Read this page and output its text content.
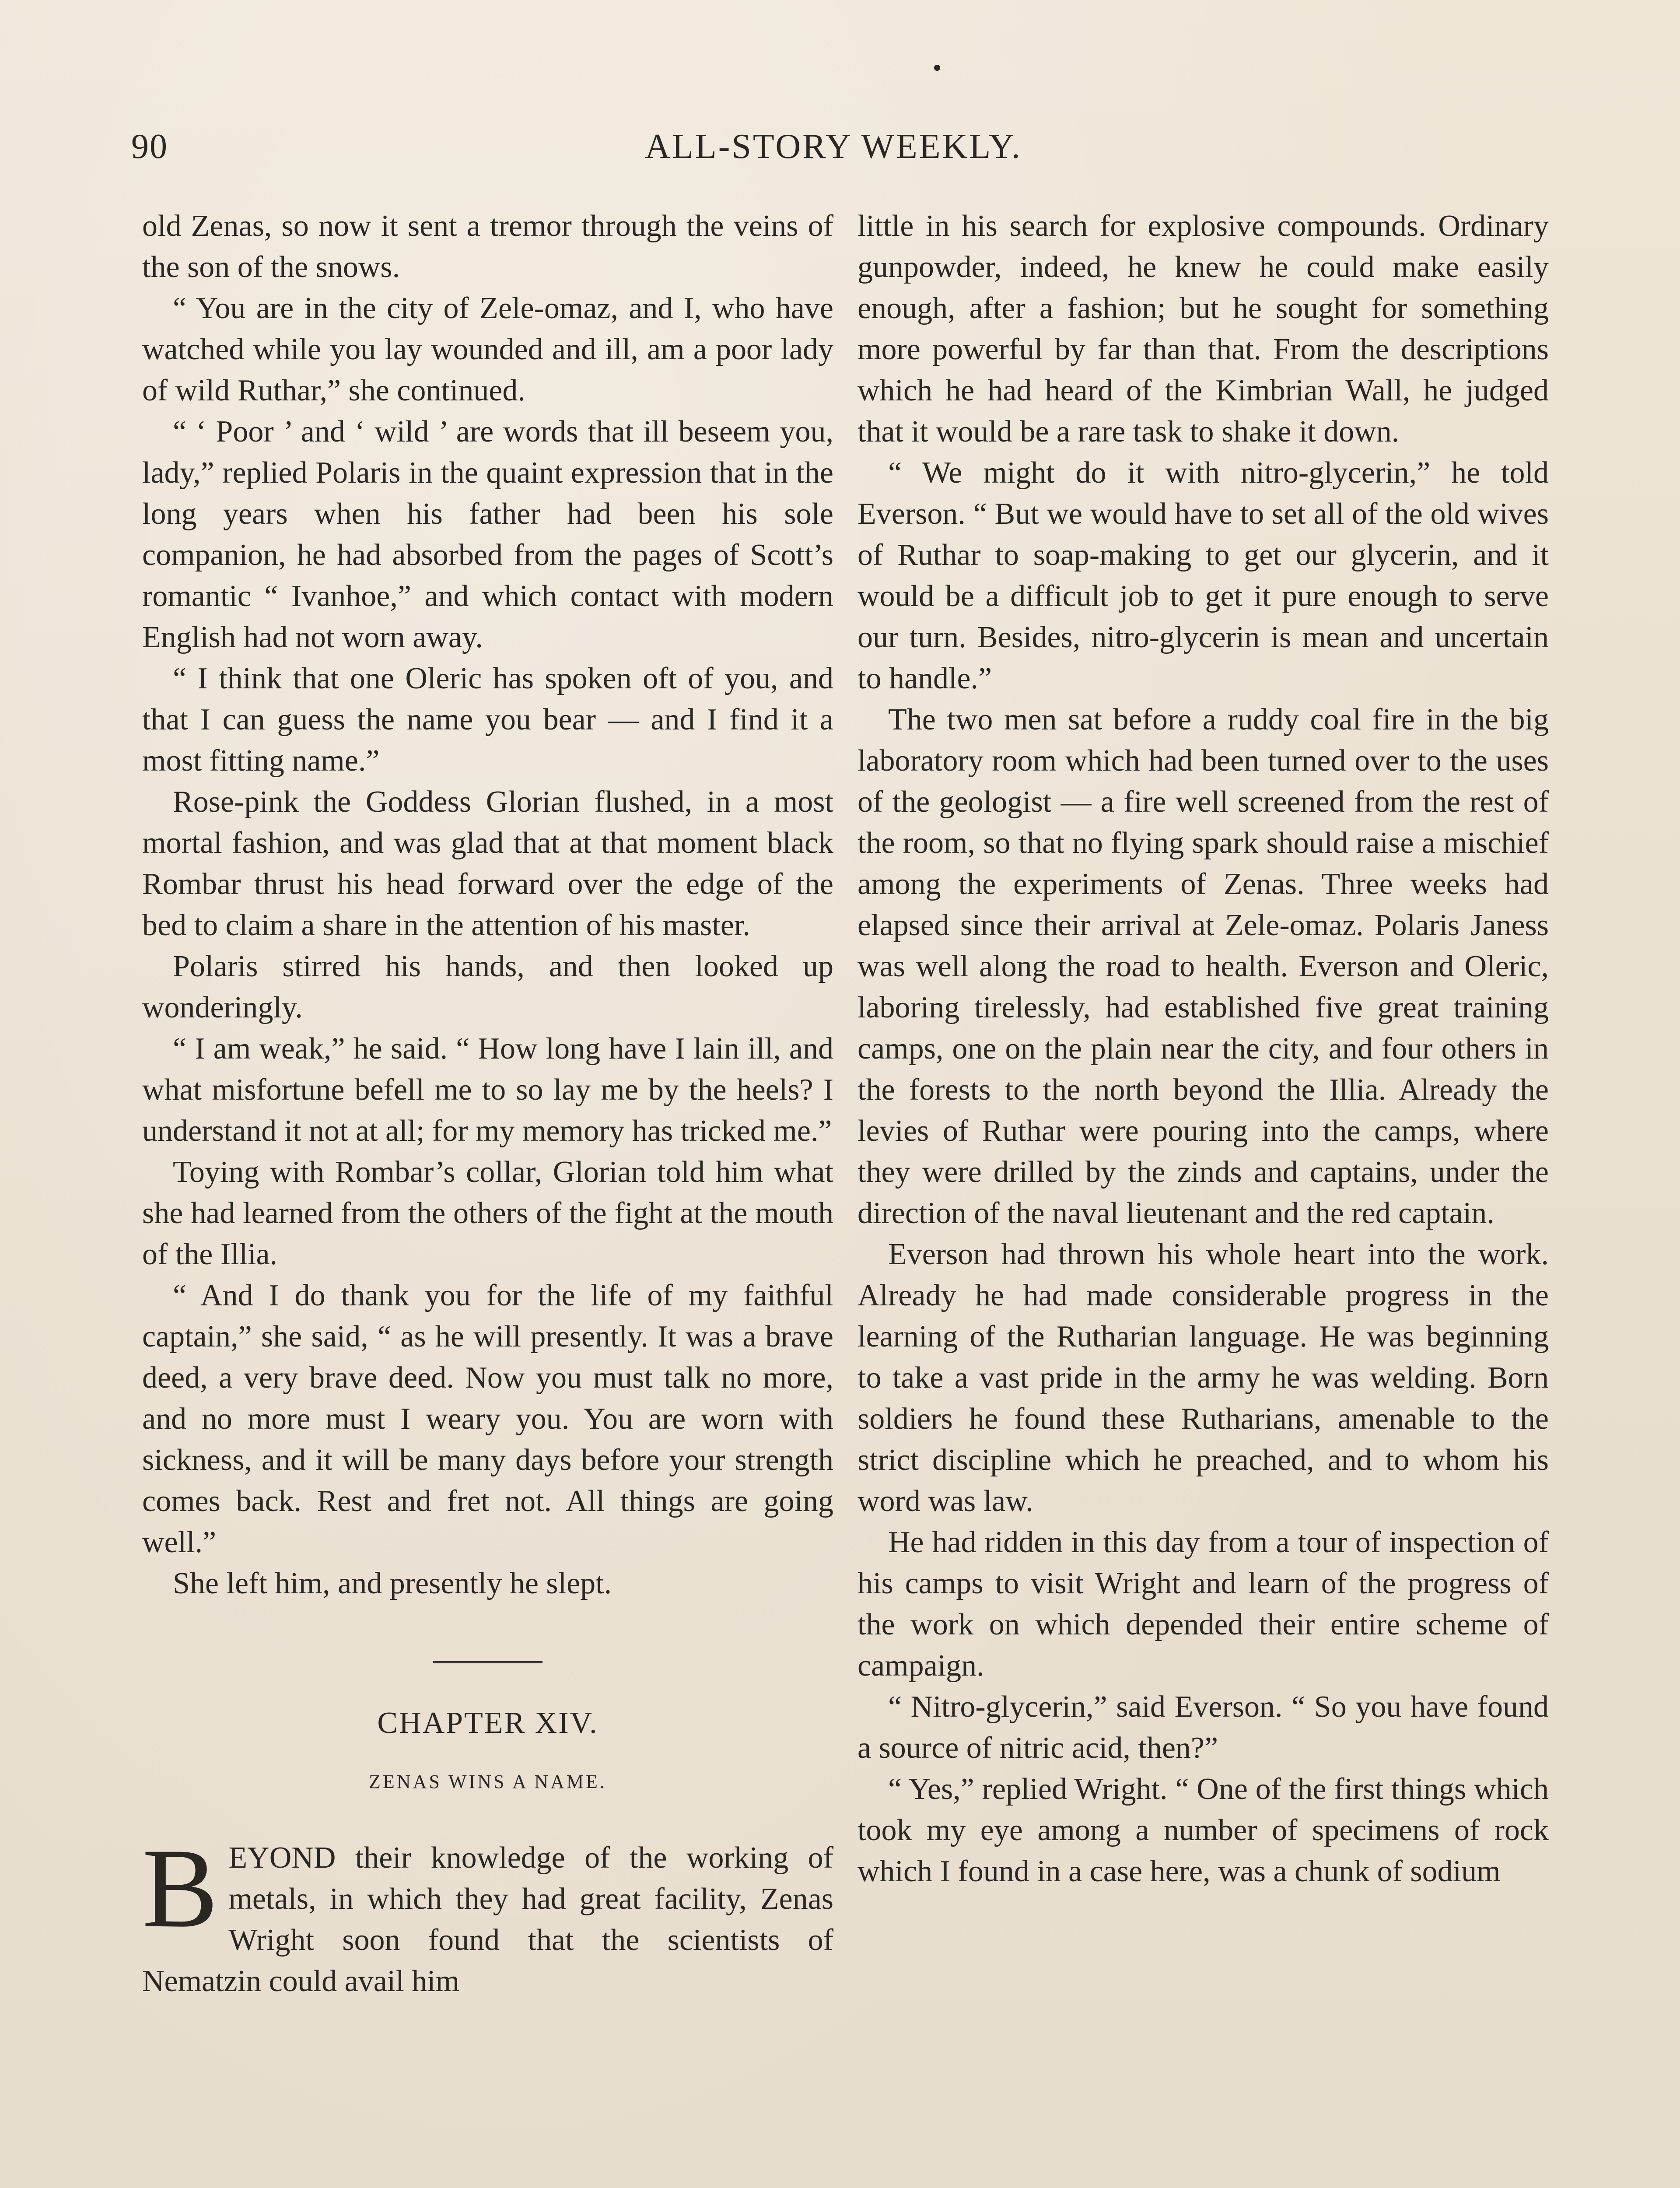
90	ALL-STORY WEEKLY.

old Zenas, so now it sent a tremor through the veins of the son of the snows.

“ You are in the city of Zele-omaz, and I, who have watched while you lay wounded and ill, am a poor lady of wild Ruthar,” she continued.

“ ‘ Poor ’ and ‘ wild ’ are words that ill beseem you, lady,” replied Polaris in the quaint expression that in the long years when his father had been his sole companion, he had absorbed from the pages of Scott’s romantic “ Ivanhoe,” and which contact with modern English had not worn away.

“ I think that one Oleric has spoken oft of you, and that I can guess the name you bear — and I find it a most fitting name.”

Rose-pink the Goddess Glorian flushed, in a most mortal fashion, and was glad that at that moment black Rombar thrust his head forward over the edge of the bed to claim a share in the attention of his master.

Polaris stirred his hands, and then looked up wonderingly.

“ I am weak,” he said. “ How long have I lain ill, and what misfortune befell me to so lay me by the heels? I understand it not at all; for my memory has tricked me.”

Toying with Rombar’s collar, Glorian told him what she had learned from the others of the fight at the mouth of the Illia.

“ And I do thank you for the life of my faithful captain,” she said, “ as he will presently. It was a brave deed, a very brave deed. Now you must talk no more, and no more must I weary you. You are worn with sickness, and it will be many days before your strength comes back. Rest and fret not. All things are going well.”

She left him, and presently he slept.

CHAPTER XIV.
ZENAS WINS A NAME.

BEYOND their knowledge of the working of metals, in which they had great facility, Zenas Wright soon found that the scientists of Nematzin could avail him

little in his search for explosive compounds. Ordinary gunpowder, indeed, he knew he could make easily enough, after a fashion; but he sought for something more powerful by far than that. From the descriptions which he had heard of the Kimbrian Wall, he judged that it would be a rare task to shake it down.

“ We might do it with nitro-glycerin,” he told Everson. “ But we would have to set all of the old wives of Ruthar to soap-making to get our glycerin, and it would be a difficult job to get it pure enough to serve our turn. Besides, nitro-glycerin is mean and uncertain to handle.”

The two men sat before a ruddy coal fire in the big laboratory room which had been turned over to the uses of the geologist — a fire well screened from the rest of the room, so that no flying spark should raise a mischief among the experiments of Zenas. Three weeks had elapsed since their arrival at Zele-omaz. Polaris Janess was well along the road to health. Everson and Oleric, laboring tirelessly, had established five great training camps, one on the plain near the city, and four others in the forests to the north beyond the Illia. Already the levies of Ruthar were pouring into the camps, where they were drilled by the zinds and captains, under the direction of the naval lieutenant and the red captain.

Everson had thrown his whole heart into the work. Already he had made considerable progress in the learning of the Rutharian language. He was beginning to take a vast pride in the army he was welding. Born soldiers he found these Rutharians, amenable to the strict discipline which he preached, and to whom his word was law.

He had ridden in this day from a tour of inspection of his camps to visit Wright and learn of the progress of the work on which depended their entire scheme of campaign.

“ Nitro-glycerin,” said Everson. “ So you have found a source of nitric acid, then?”

“ Yes,” replied Wright. “ One of the first things which took my eye among a number of specimens of rock which I found in a case here, was a chunk of sodium
